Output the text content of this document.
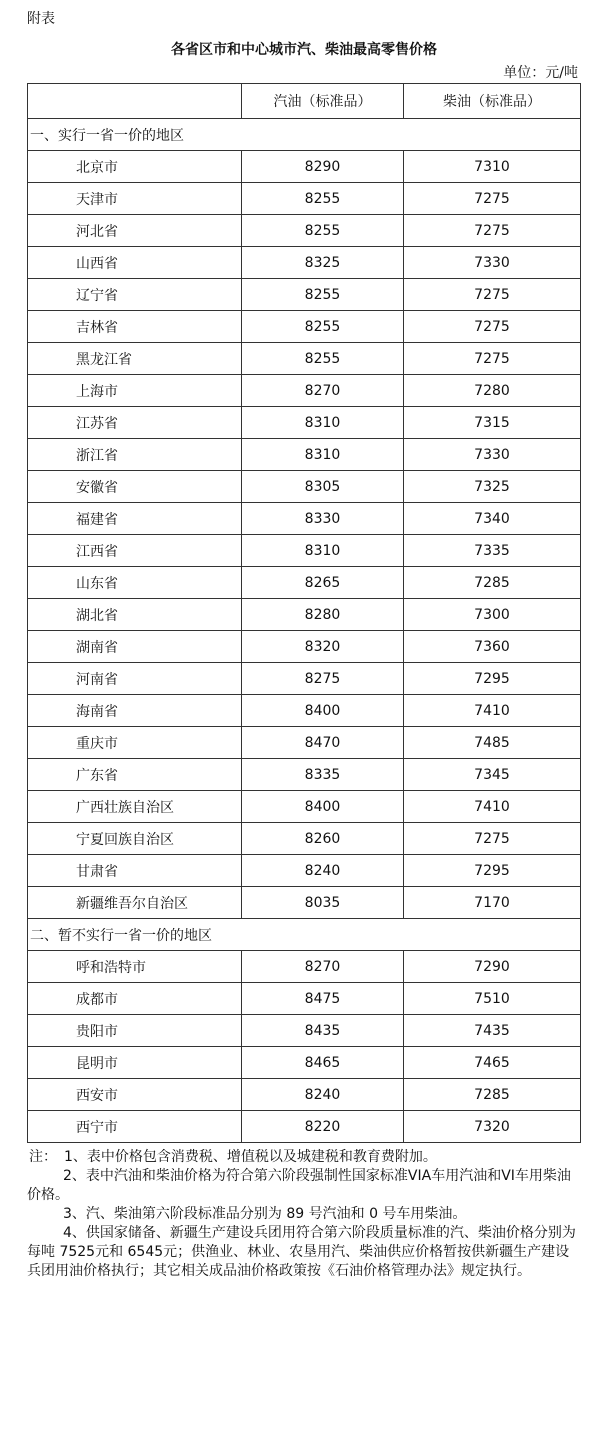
附表
各省区市和中心城市汽、柴油最高零售价格
单位：元/吨
	汽油（标准品）	柴油（标准品）
一、实行一省一价的地区		
北京市	8290	7310
天津市	8255	7275
河北省	8255	7275
山西省	8325	7330
辽宁省	8255	7275
吉林省	8255	7275
黑龙江省	8255	7275
上海市	8270	7280
江苏省	8310	7315
浙江省	8310	7330
安徽省	8305	7325
福建省	8330	7340
江西省	8310	7335
山东省	8265	7285
湖北省	8280	7300
湖南省	8320	7360
河南省	8275	7295
海南省	8400	7410
重庆市	8470	7485
广东省	8335	7345
广西壮族自治区	8400	7410
宁夏回族自治区	8260	7275
甘肃省	8240	7295
新疆维吾尔自治区	8035	7170
二、暂不实行一省一价的地区		
呼和浩特市	8270	7290
成都市	8475	7510
贵阳市	8435	7435
昆明市	8465	7465
西安市	8240	7285
西宁市	8220	7320

注：　1、表中价格包含消费税、增值税以及城建税和教育费附加。

2、表中汽油和柴油价格为符合第六阶段强制性国家标准VIA车用汽油和VI车用柴油价格。

3、汽、柴油第六阶段标准品分别为 89 号汽油和 0 号车用柴油。

4、供国家储备、新疆生产建设兵团用符合第六阶段质量标准的汽、柴油价格分别为每吨 7525元和 6545元；供渔业、林业、农垦用汽、柴油供应价格暂按供新疆生产建设兵团用油价格执行；其它相关成品油价格政策按《石油价格管理办法》规定执行。
